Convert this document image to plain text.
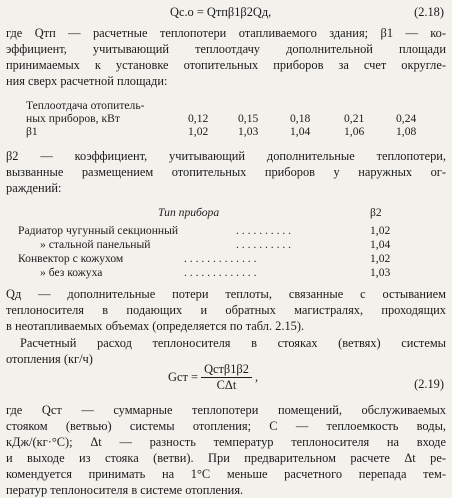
Qс.о = Qтпβ1β2Qд,	(2.18)
где Qтп — расчетные теплопотери отапливаемого здания; β1 — ко-
эффициент, учитывающий теплоотдачу дополнительной площади
принимаемых к установке отопительных приборов за счет округле-
ния сверх расчетной площади:
Теплоотдача отопитель-
ных приборов, кВт	0,12	0,15	0,18	0,21	0,24
β1	1,02	1,03	1,04	1,06	1,08
β2 — коэффициент, учитывающий дополнительные теплопотери,
вызванные размещением отопительных приборов у наружных ог-
раждений:
Тип прибора	β2
Радиатор чугунный секционный	. . . . . . . . . .	1,02
» стальной панельный	. . . . . . . . . .	1,04
Конвектор с кожухом	. . . . . . . . . . . . .	1,02
» без кожуха	. . . . . . . . . . . . .	1,03
Qд — дополнительные потери теплоты, связанные с остыванием
теплоносителя в подающих и обратных магистралях, проходящих
в неотапливаемых объемах (определяется по табл. 2.15).
Расчетный расход теплоносителя в стояках (ветвях) системы
отопления (кг/ч)
Gст = $\frac{\text{Qстβ1β2}}{\text{CΔt}}$ ,	(2.19)
где Qст — суммарные теплопотери помещений, обслуживаемых
стояком (ветвью) системы отопления; C — теплоемкость воды,
кДж/(кг·°С); Δt — разность температур теплоносителя на входе
и выходе из стояка (ветви). При предварительном расчете Δt ре-
комендуется принимать на 1°С меньше расчетного перепада тем-
ператур теплоносителя в системе отопления.
